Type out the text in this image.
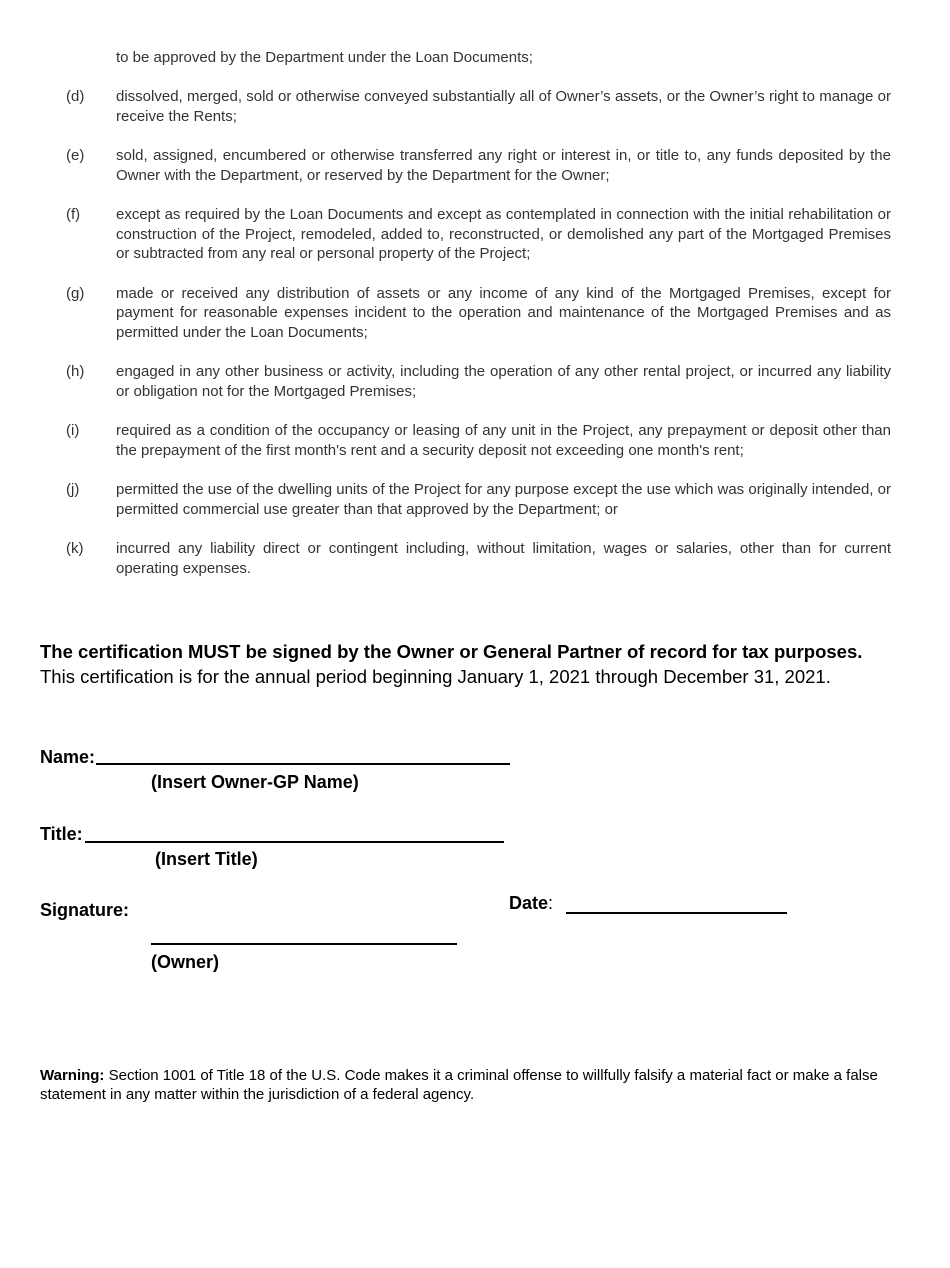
to be approved by the Department under the Loan Documents;
(d)	dissolved, merged, sold or otherwise conveyed substantially all of Owner’s assets, or the Owner’s right to manage or receive the Rents;
(e)	sold, assigned, encumbered or otherwise transferred any right or interest in, or title to, any funds deposited by the Owner with the Department, or reserved by the Department for the Owner;
(f)	except as required by the Loan Documents and except as contemplated in connection with the initial rehabilitation or construction of the Project, remodeled, added to, reconstructed, or demolished any part of the Mortgaged Premises or subtracted from any real or personal property of the Project;
(g)	made or received any distribution of assets or any income of any kind of the Mortgaged Premises, except for payment for reasonable expenses incident to the operation and maintenance of the Mortgaged Premises and as permitted under the Loan Documents;
(h)	engaged in any other business or activity, including the operation of any other rental project, or incurred any liability or obligation not for the Mortgaged Premises;
(i)	required as a condition of the occupancy or leasing of any unit in the Project, any prepayment or deposit other than the prepayment of the first month's rent and a security deposit not exceeding one month's rent;
(j)	permitted the use of the dwelling units of the Project for any purpose except the use which was originally intended, or permitted commercial use greater than that approved by the Department; or
(k)	incurred any liability direct or contingent including, without limitation, wages or salaries, other than for current operating expenses.
The certification MUST be signed by the Owner or General Partner of record for tax purposes.
This certification is for the annual period beginning January 1, 2021 through December 31, 2021.
Name:
(Insert Owner-GP Name)
Title:
(Insert Title)
Signature:
(Owner)
Date:
Warning: Section 1001 of Title 18 of the U.S. Code makes it a criminal offense to willfully falsify a material fact or make a false statement in any matter within the jurisdiction of a federal agency.
